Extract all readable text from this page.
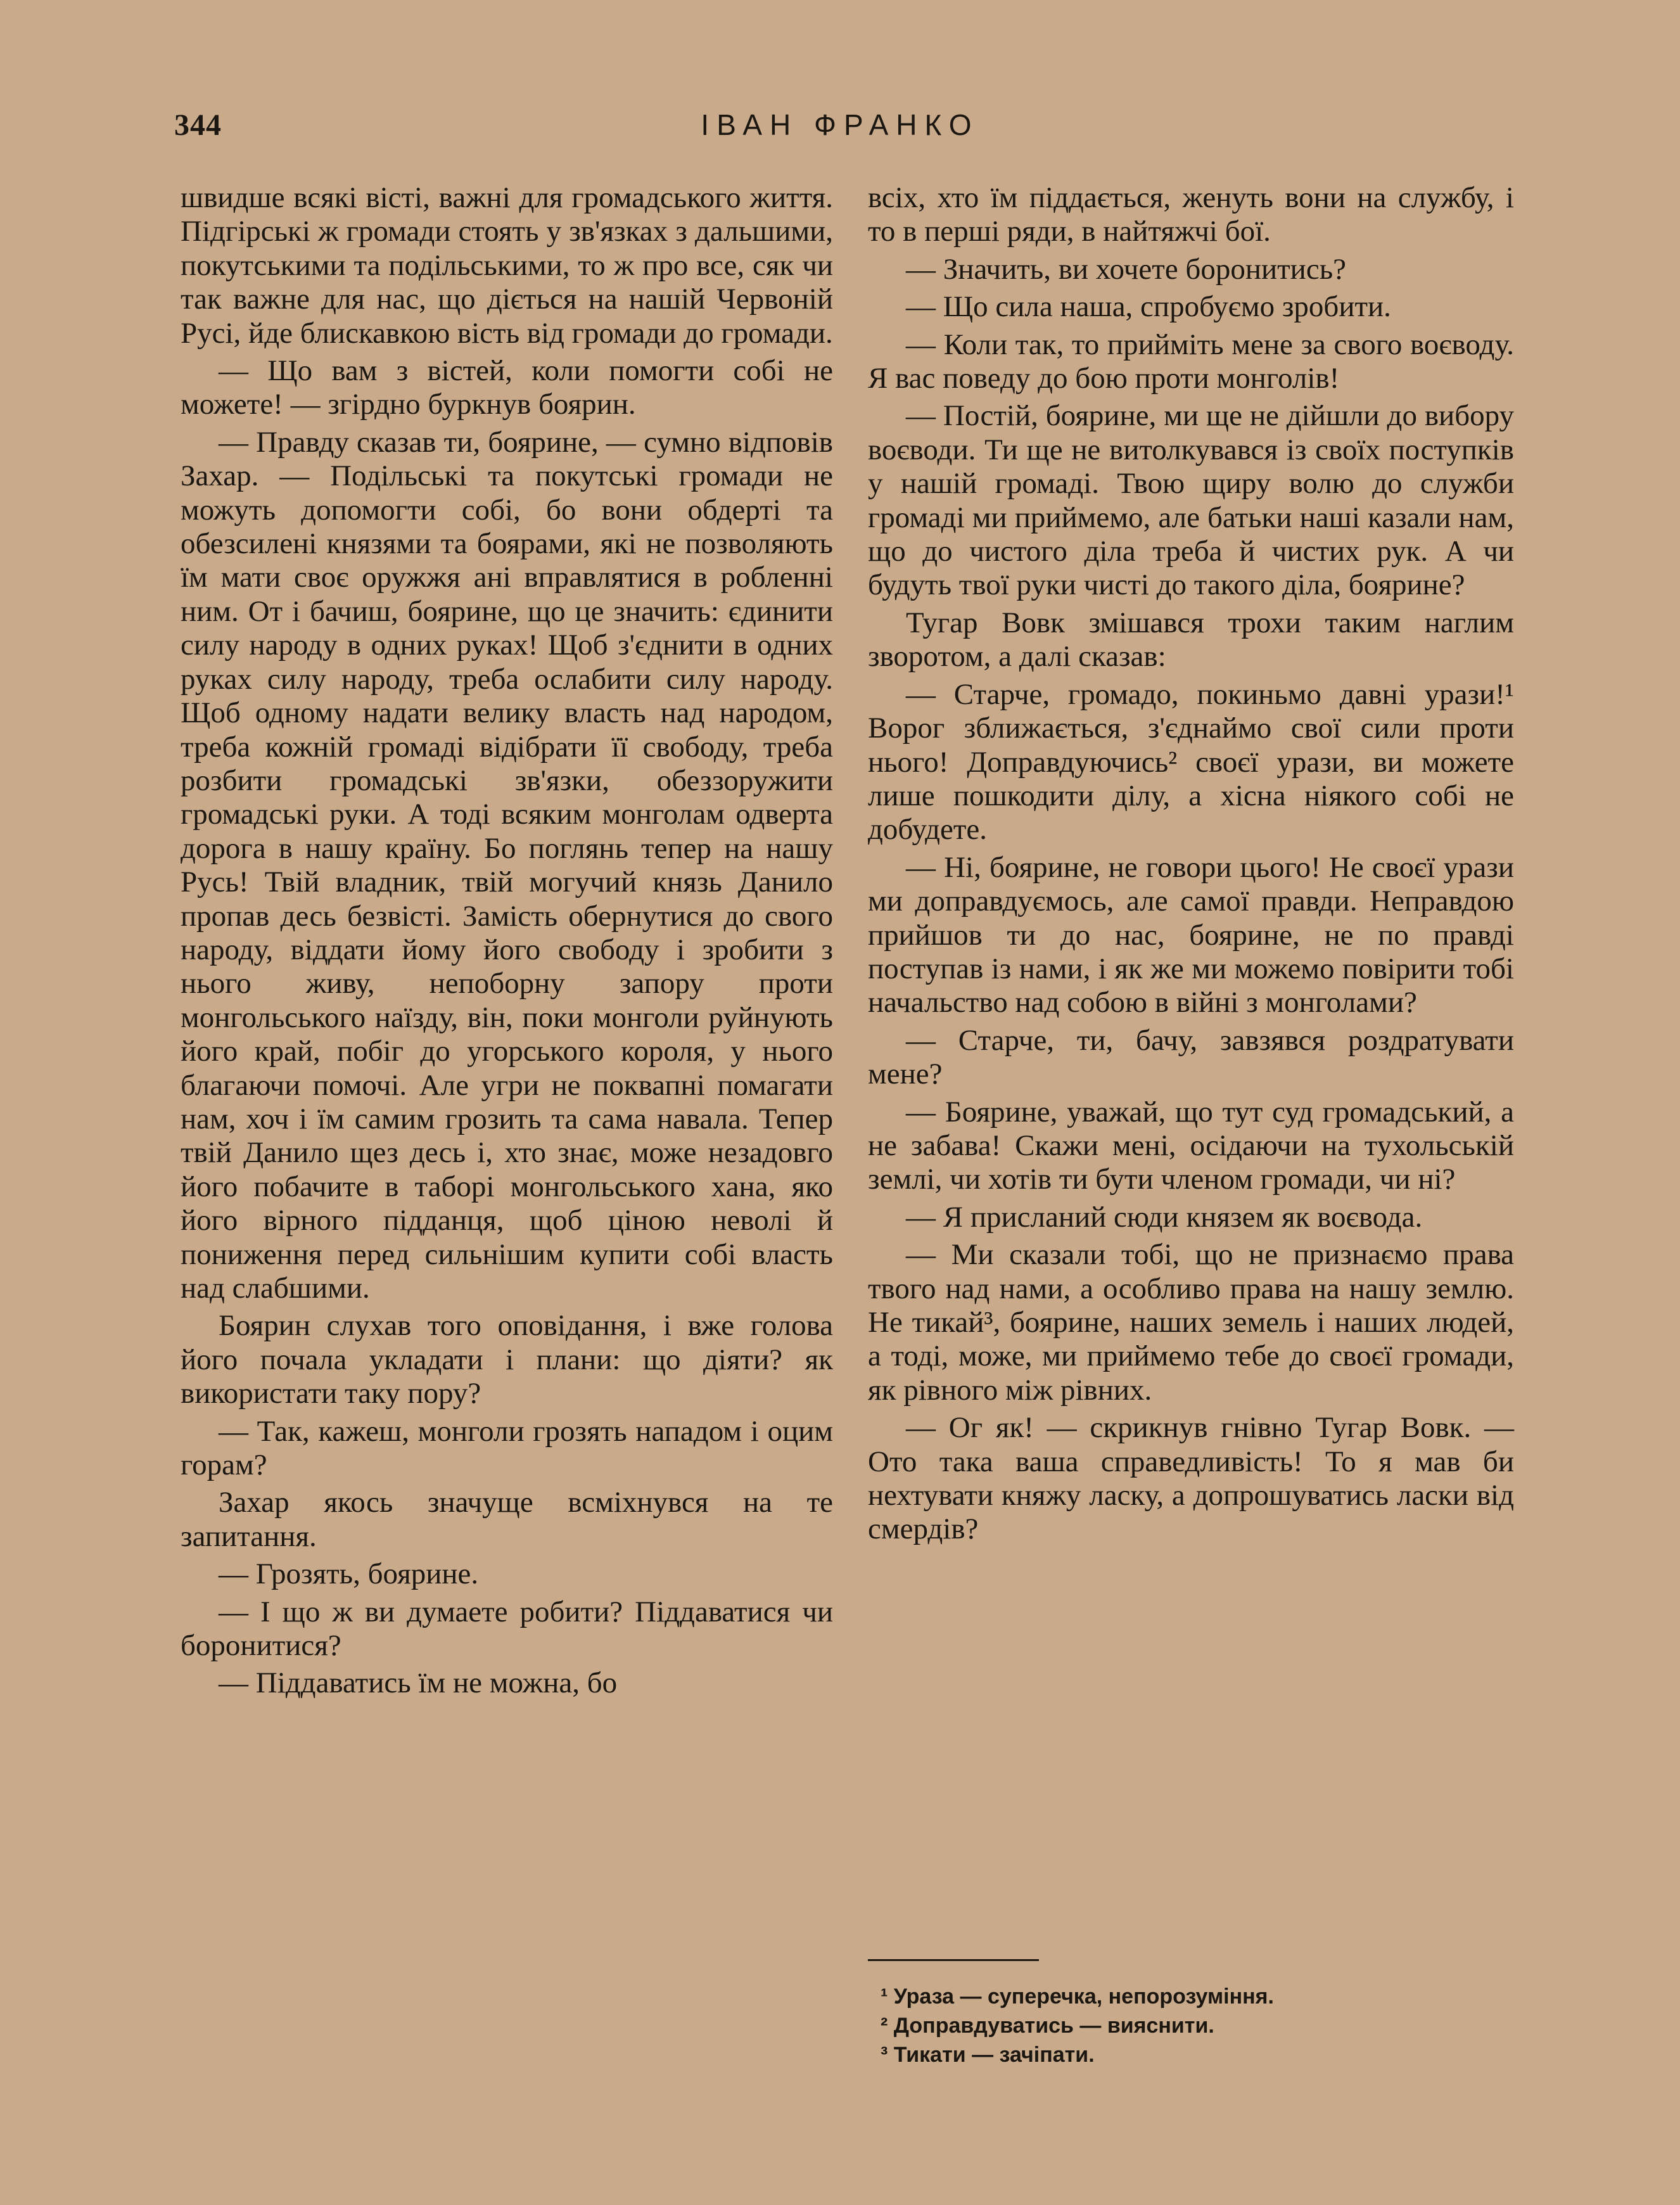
344	ІВАН ФРАНКО

швидше всякі вісті, важні для громадського життя. Підгірські ж громади стоять у зв'язках з дальшими, покутськими та подільськими, то ж про все, сяк чи так важне для нас, що дієтьcя на нашій Червоній Русі, йде блискавкою вість від громади до громади.

— Що вам з вістей, коли помогти собі не можете! — згірдно буркнув боярин.

— Правду сказав ти, бояpине, — сумно відповів Захар. — Подільські та покутські громади не можуть допомогти собі, бо вони обдерті та обезсилені князями та боярами, які не позволяють їм мати своє оружжя ані вправлятися в робленні ним. От і бачиш, бояpине, що це значить: єдинити силу народу в одних руках! Щоб з'єднити в одних руках силу народу, треба ослабити силу народу. Щоб одному надати велику власть над народом, треба кожній громаді відібрати її свободу, треба розбити громадські зв'язки, обеззоружити громадські руки. А тоді всяким монголам одверта дорога в нашу країну. Бо поглянь тепер на нашу Русь! Твій владник, твій могучий князь Данило пропав десь безвісті. Замість обернутися до свого народу, віддати йому його свободу і зробити з нього живу, непоборну запору проти монгольського наїзду, він, поки монголи руйнують його край, побіг до угорського короля, у нього благаючи помочі. Але угри не поквапні помагати нам, хоч і їм самим грозить та сама навала. Тепер твій Данило щез десь і, хто знає, може незадовго його побачите в таборі монгольського хана, яко його вірного підданця, щоб ціною неволі й пониження перед сильнішим купити собі власть над слабшими.

Боярин слухав того оповідання, і вже голова його почала укладати і плани: що діяти? як використати таку пору?

— Так, кажеш, монголи грозять нападом і оцим горам?

Захар якось значуще всміхнувся на те запитання.

— Грозять, бояpине.

— І що ж ви думаете робити? Піддаватися чи боронитися?

— Піддаватись їм не можна, бо

всіх, хто їм піддається, женуть вони на службу, і то в перші ряди, в найтяжчі бої.

— Значить, ви хочете боронитись?

— Що сила наша, спробуємо зробити.

— Коли так, то прийміть мене за свого воєводу. Я вас поведу до бою проти монголів!

— Постій, бояpине, ми ще не дійшли до вибору воєводи. Ти ще не витолкувався із своїх поступків у нашій громаді. Твою щиру волю до служби громаді ми приймемо, але батьки наші казали нам, що до чистого діла треба й чистих рук. А чи будуть твої руки чисті до такого діла, боярине?

Тугар Вовк змішався трохи таким наглим зворотом, а далі сказав:

— Старче, громадо, покиньмо давні урази!¹ Ворог зближається, з'єднаймо свої сили проти нього! Доправдуючись² своєї урази, ви можете лише пошкодити ділу, а хісна ніякого собі не добудете.

— Ні, бояpине, не говори цього! Не своєї урази ми доправдуємось, але самої правди. Неправдою прийшов ти до нас, бояpине, не по правді поступав із нами, і як же ми можемо повірити тобі начальство над собою в війні з монголами?

— Старче, ти, бачу, завзявся роздратувати мене?

— Бояpине, уважай, що тут суд громадський, а не забава! Скажи мені, осідаючи на тухольській землі, чи хотів ти бути членом громади, чи ні?

— Я присланий сюди князем як воєвода.

— Ми сказали тобі, що не признаємо права твого над нами, а особливо права на нашу землю. Не тикай³, бояpине, наших земель і наших людей, а тоді, може, ми приймемо тебе до своєї громади, як рівного між рівних.

— Ог як! — скрикнув гнівно Тугар Вовк. — Ото така ваша справедливість! То я мав би нехтувати княжу ласку, а допрошуватись ласки від смердів?

¹ Ураза — суперечка, непорозуміння.

² Доправдуватись — вияснити.

³ Тикати — зачіпати.
